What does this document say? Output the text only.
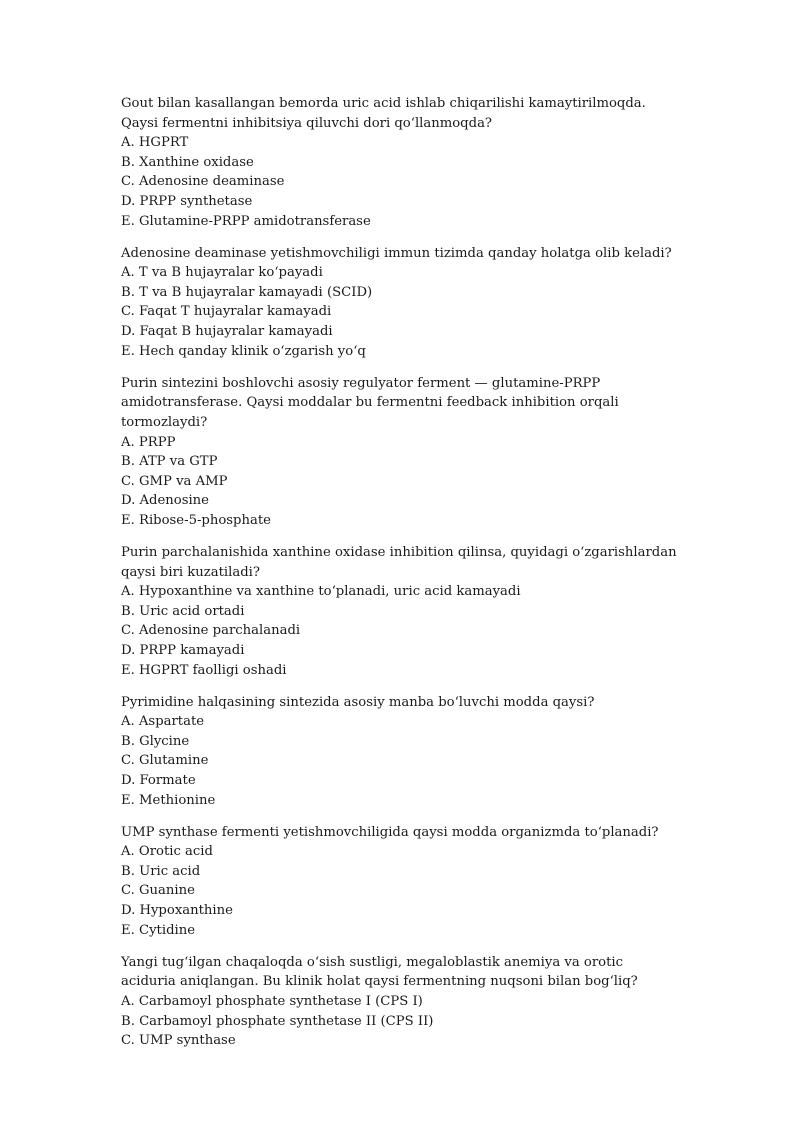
Gout bilan kasallangan bemorda uric acid ishlab chiqarilishi kamaytirilmoqda. Qaysi fermentni inhibitsiya qiluvchi dori qo‘llanmoqda?

A. HGPRT
B. Xanthine oxidase
C. Adenosine deaminase
D. PRPP synthetase
E. Glutamine-PRPP amidotransferase

Adenosine deaminase yetishmovchiligi immun tizimda qanday holatga olib keladi?

A. T va B hujayralar ko‘payadi
B. T va B hujayralar kamayadi (SCID)
C. Faqat T hujayralar kamayadi
D. Faqat B hujayralar kamayadi
E. Hech qanday klinik o‘zgarish yo‘q

Purin sintezini boshlovchi asosiy regulyator ferment — glutamine-PRPP amidotransferase. Qaysi moddalar bu fermentni feedback inhibition orqali tormozlaydi?

A. PRPP
B. ATP va GTP
C. GMP va AMP
D. Adenosine
E. Ribose-5-phosphate

Purin parchalanishida xanthine oxidase inhibition qilinsa, quyidagi o‘zgarishlardan qaysi biri kuzatiladi?

A. Hypoxanthine va xanthine to‘planadi, uric acid kamayadi
B. Uric acid ortadi
C. Adenosine parchalanadi
D. PRPP kamayadi
E. HGPRT faolligi oshadi

Pyrimidine halqasining sintezida asosiy manba bo‘luvchi modda qaysi?

A. Aspartate
B. Glycine
C. Glutamine
D. Formate
E. Methionine

UMP synthase fermenti yetishmovchiligida qaysi modda organizmda to‘planadi?

A. Orotic acid
B. Uric acid
C. Guanine
D. Hypoxanthine
E. Cytidine

Yangi tug‘ilgan chaqaloqda o‘sish sustligi, megaloblastik anemiya va orotic aciduria aniqlangan. Bu klinik holat qaysi fermentning nuqsoni bilan bog‘liq?

A. Carbamoyl phosphate synthetase I (CPS I)
B. Carbamoyl phosphate synthetase II (CPS II)
C. UMP synthase
